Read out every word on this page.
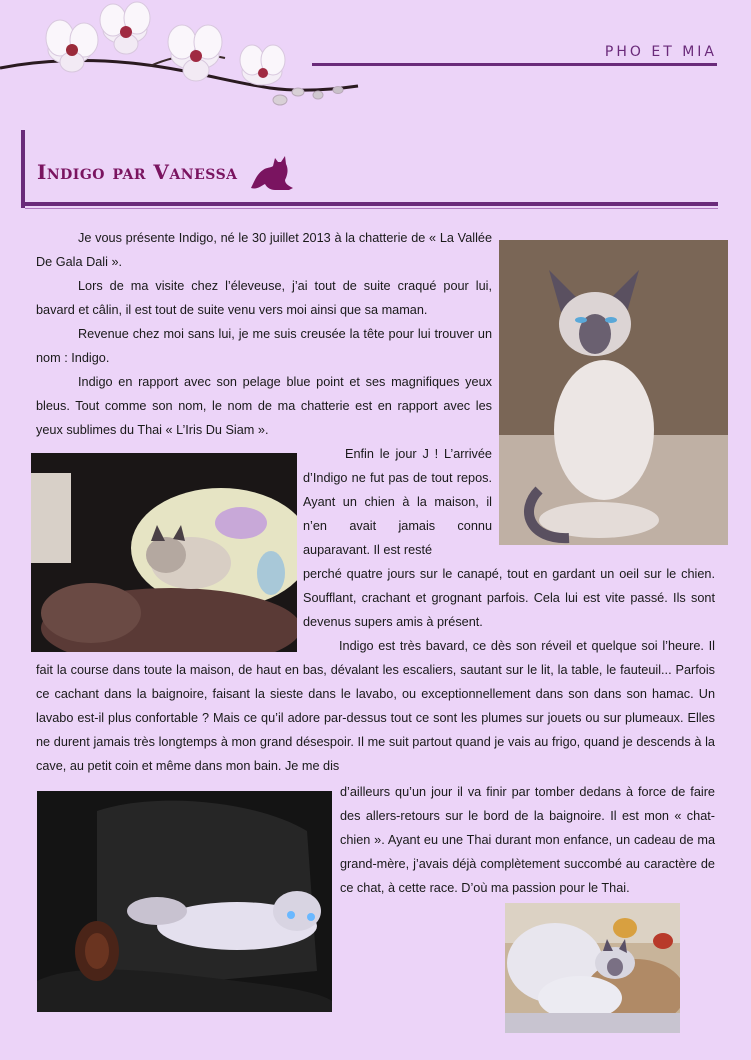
PHO ET MIA
Indigo par Vanessa

Je vous présente Indigo, né le 30 juillet 2013 à la chatterie de « La Vallée De Gala Dali ».

Lors de ma visite chez l’éleveuse, j’ai tout de suite craqué pour lui, bavard et câlin, il est tout de suite venu vers moi ainsi que sa maman.

Revenue chez moi sans lui, je me suis creusée la tête pour lui trouver un nom : Indigo.

Indigo en rapport avec son pelage blue point et ses magnifiques yeux bleus. Tout comme son nom, le nom de ma chatterie est en rapport avec les yeux sublimes du Thai « L’Iris Du Siam ».

Enfin le jour J ! L’arrivée d’Indigo ne fut pas de tout repos. Ayant un chien à la maison, il n’en avait jamais connu auparavant. Il est resté

perché quatre jours sur le canapé, tout en gardant un oeil sur le chien. Soufflant, crachant et grognant parfois. Cela lui est vite passé. Ils sont devenus supers amis à présent.

Indigo est très bavard, ce dès son réveil et quelque soi l’heure. Il fait la course dans toute la maison, de haut en bas, dévalant les escaliers, sautant sur le lit, la table, le fauteuil... Parfois ce cachant dans la baignoire, faisant la sieste dans le lavabo, ou exceptionnellement dans son dans son hamac. Un lavabo est-il plus confortable ? Mais ce qu’il adore par-dessus tout ce sont les plumes sur jouets ou sur plumeaux. Elles ne durent jamais très longtemps à mon grand désespoir. Il me suit partout quand je vais au frigo, quand je descends à la cave, au petit coin et même dans mon bain. Je me dis

d’ailleurs qu’un jour il va finir par tomber dedans à force de faire des allers-retours sur le bord de la baignoire. Il est mon « chat-chien ». Ayant eu une Thai durant mon enfance, un cadeau de ma grand-mère, j’avais déjà complètement succombé au caractère de ce chat, à cette race. D’où ma passion pour le Thai.
